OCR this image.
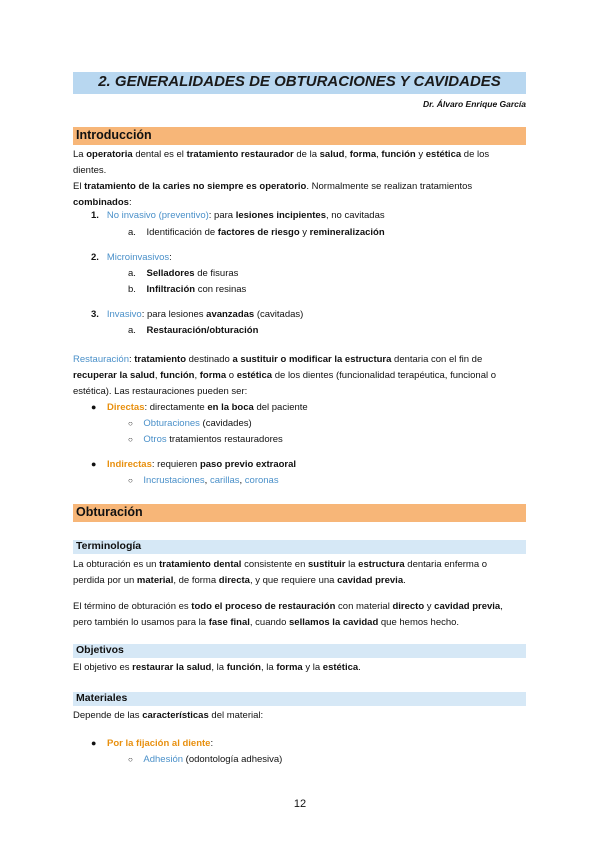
2. GENERALIDADES DE OBTURACIONES Y CAVIDADES
Dr. Álvaro Enrique García
Introducción
La operatoria dental es el tratamiento restaurador de la salud, forma, función y estética de los
dientes.
El tratamiento de la caries no siempre es operatorio. Normalmente se realizan tratamientos
combinados:
1. No invasivo (preventivo): para lesiones incipientes, no cavitadas
a. Identificación de factores de riesgo y remineralización
2. Microinvasivos:
a. Selladores de fisuras
b. Infiltración con resinas
3. Invasivo: para lesiones avanzadas (cavitadas)
a. Restauración/obturación
Restauración: tratamiento destinado a sustituir o modificar la estructura dentaria con el fin de
recuperar la salud, función, forma o estética de los dientes (funcionalidad terapéutica, funcional o
estética). Las restauraciones pueden ser:
● Directas: directamente en la boca del paciente
○ Obturaciones (cavidades)
○ Otros tratamientos restauradores
● Indirectas: requieren paso previo extraoral
○ Incrustaciones, carillas, coronas
Obturación
Terminología
La obturación es un tratamiento dental consistente en sustituir la estructura dentaria enferma o
perdida por un material, de forma directa, y que requiere una cavidad previa.
El término de obturación es todo el proceso de restauración con material directo y cavidad previa,
pero también lo usamos para la fase final, cuando sellamos la cavidad que hemos hecho.
Objetivos
El objetivo es restaurar la salud, la función, la forma y la estética.
Materiales
Depende de las características del material:
● Por la fijación al diente:
○ Adhesión (odontología adhesiva)
12
